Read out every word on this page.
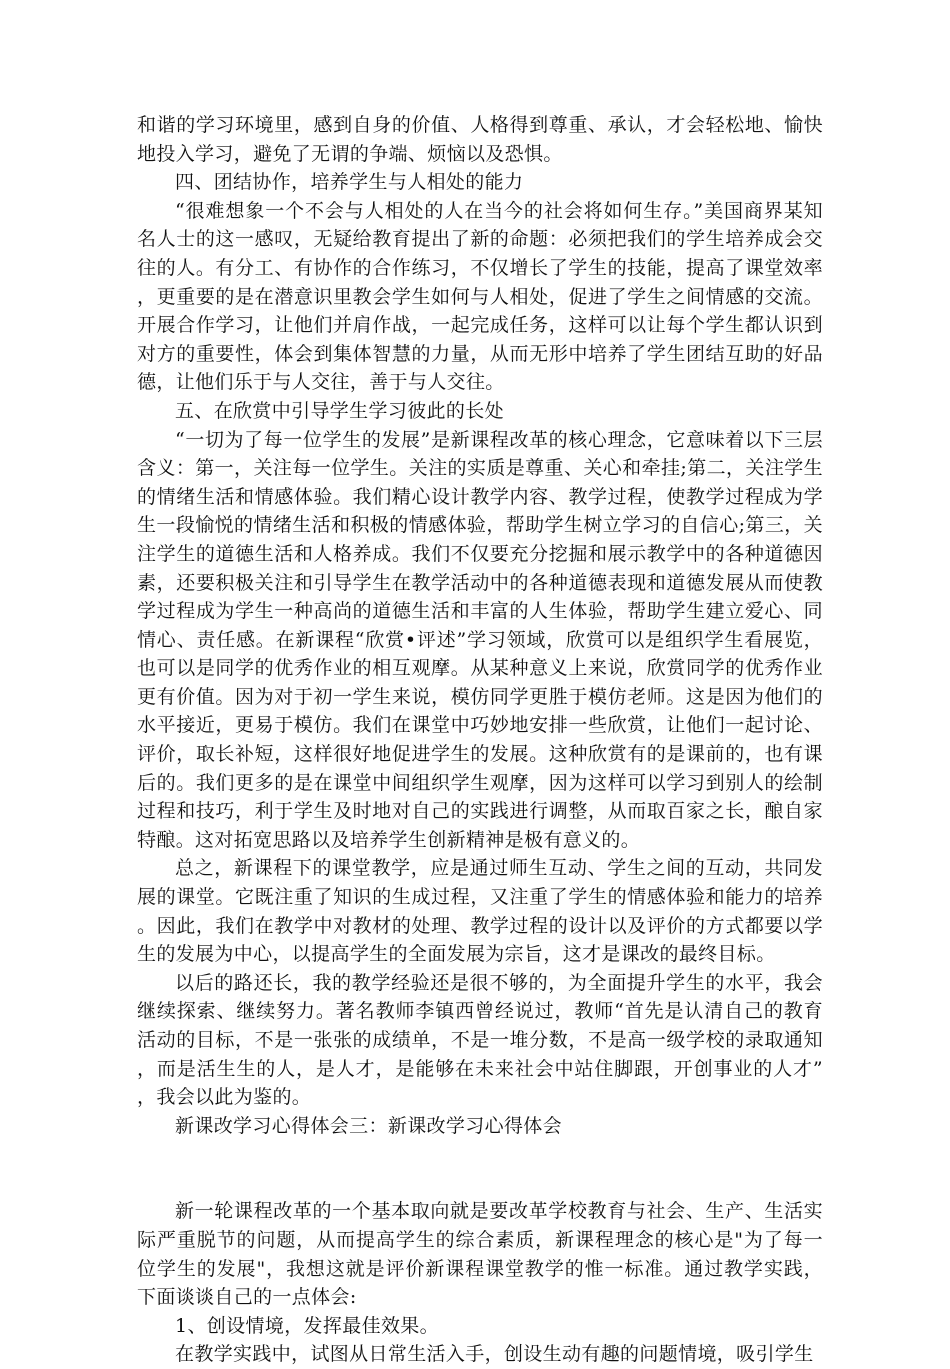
和谐的学习环境里，感到自身的价值、人格得到尊重、承认，才会轻松地、愉快地投入学习，避免了无谓的争端、烦恼以及恐惧。

四、团结协作，培养学生与人相处的能力

“很难想象一个不会与人相处的人在当今的社会将如何生存。”美国商界某知名人士的这一感叹，无疑给教育提出了新的命题：必须把我们的学生培养成会交往的人。有分工、有协作的合作练习，不仅增长了学生的技能，提高了课堂效率，更重要的是在潜意识里教会学生如何与人相处，促进了学生之间情感的交流。开展合作学习，让他们并肩作战，一起完成任务，这样可以让每个学生都认识到对方的重要性，体会到集体智慧的力量，从而无形中培养了学生团结互助的好品德，让他们乐于与人交往，善于与人交往。

五、在欣赏中引导学生学习彼此的长处

“一切为了每一位学生的发展”是新课程改革的核心理念，它意味着以下三层含义：第一，关注每一位学生。关注的实质是尊重、关心和牵挂;第二，关注学生的情绪生活和情感体验。我们精心设计教学内容、教学过程，使教学过程成为学生一段愉悦的情绪生活和积极的情感体验，帮助学生树立学习的自信心;第三，关注学生的道德生活和人格养成。我们不仅要充分挖掘和展示教学中的各种道德因素，还要积极关注和引导学生在教学活动中的各种道德表现和道德发展从而使教学过程成为学生一种高尚的道德生活和丰富的人生体验，帮助学生建立爱心、同情心、责任感。在新课程“欣赏•评述”学习领域，欣赏可以是组织学生看展览，也可以是同学的优秀作业的相互观摩。从某种意义上来说，欣赏同学的优秀作业更有价值。因为对于初一学生来说，模仿同学更胜于模仿老师。这是因为他们的水平接近，更易于模仿。我们在课堂中巧妙地安排一些欣赏，让他们一起讨论、评价，取长补短，这样很好地促进学生的发展。这种欣赏有的是课前的，也有课后的。我们更多的是在课堂中间组织学生观摩，因为这样可以学习到别人的绘制过程和技巧，利于学生及时地对自己的实践进行调整，从而取百家之长，酿自家特酿。这对拓宽思路以及培养学生创新精神是极有意义的。

总之，新课程下的课堂教学，应是通过师生互动、学生之间的互动，共同发展的课堂。它既注重了知识的生成过程，又注重了学生的情感体验和能力的培养。因此，我们在教学中对教材的处理、教学过程的设计以及评价的方式都要以学生的发展为中心，以提高学生的全面发展为宗旨，这才是课改的最终目标。

以后的路还长，我的教学经验还是很不够的，为全面提升学生的水平，我会继续探索、继续努力。著名教师李镇西曾经说过，教师“首先是认清自己的教育活动的目标，不是一张张的成绩单，不是一堆分数，不是高一级学校的录取通知，而是活生生的人，是人才，是能够在未来社会中站住脚跟，开创事业的人才”，我会以此为鉴的。

新课改学习心得体会三：新课改学习心得体会

新一轮课程改革的一个基本取向就是要改革学校教育与社会、生产、生活实际严重脱节的问题，从而提高学生的综合素质，新课程理念的核心是"为了每一位学生的发展"，我想这就是评价新课程课堂教学的惟一标准。通过教学实践，下面谈谈自己的一点体会:

1、创设情境，发挥最佳效果。

在教学实践中，试图从日常生活入手，创设生动有趣的问题情境，吸引学生
